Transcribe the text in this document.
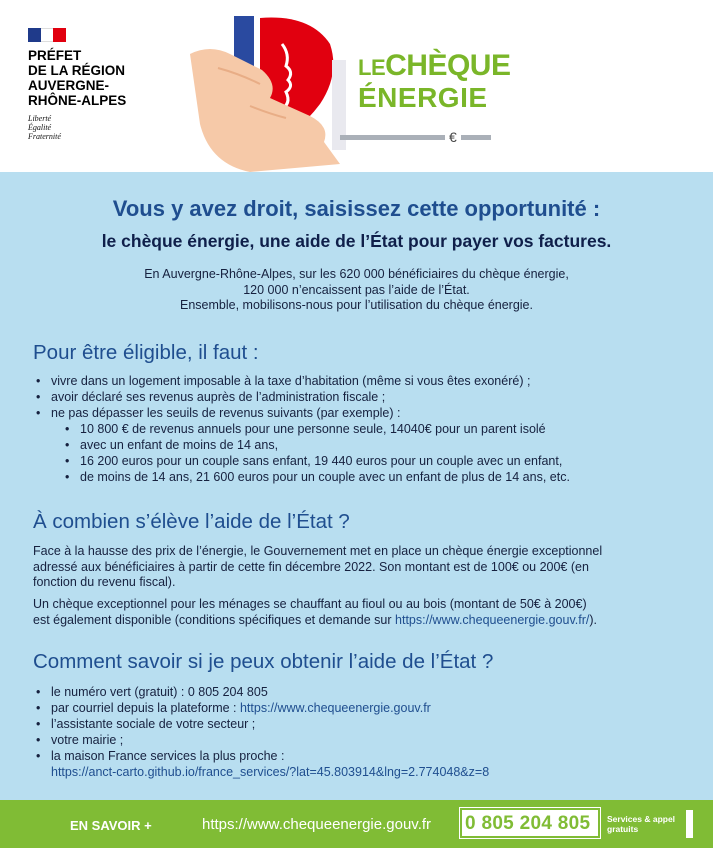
PRÉFET
DE LA RÉGION
AUVERGNE-
RHÔNE-ALPES
Liberté
Égalité
Fraternité
LECHÈQUE
ÉNERGIE
€
Vous y avez droit, saisissez cette opportunité :
le chèque énergie, une aide de l’État pour payer vos factures.
En Auvergne-Rhône-Alpes, sur les 620 000 bénéficiaires du chèque énergie,
120 000 n’encaissent pas l’aide de l’État.
Ensemble, mobilisons-nous pour l’utilisation du chèque énergie.
Pour être éligible, il faut :
• vivre dans un logement imposable à la taxe d’habitation (même si vous êtes exonéré) ;
• avoir déclaré ses revenus auprès de l’administration fiscale ;
• ne pas dépasser les seuils de revenus suivants (par exemple) :
• 10 800 € de revenus annuels pour une personne seule, 14040€ pour un parent isolé
• avec un enfant de moins de 14 ans,
• 16 200 euros pour un couple sans enfant, 19 440 euros pour un couple avec un enfant,
• de moins de 14 ans, 21 600 euros pour un couple avec un enfant de plus de 14 ans, etc.
À combien s’élève l’aide de l’État ?
Face à la hausse des prix de l’énergie, le Gouvernement met en place un chèque énergie exceptionnel
adressé aux bénéficiaires à partir de cette fin décembre 2022. Son montant est de 100€ ou 200€ (en
fonction du revenu fiscal).
Un chèque exceptionnel pour les ménages se chauffant au fioul ou au bois (montant de 50€ à 200€)
est également disponible (conditions spécifiques et demande sur https://www.chequeenergie.gouv.fr/).
Comment savoir si je peux obtenir l’aide de l’État ?
• le numéro vert (gratuit) : 0 805 204 805
• par courriel depuis la plateforme : https://www.chequeenergie.gouv.fr
• l’assistante sociale de votre secteur ;
• votre mairie ;
• la maison France services la plus proche :
https://anct-carto.github.io/france_services/?lat=45.803914&lng=2.774048&z=8
EN SAVOIR +	https://www.chequeenergie.gouv.fr 0 805 204 805 Services & appel
gratuits
